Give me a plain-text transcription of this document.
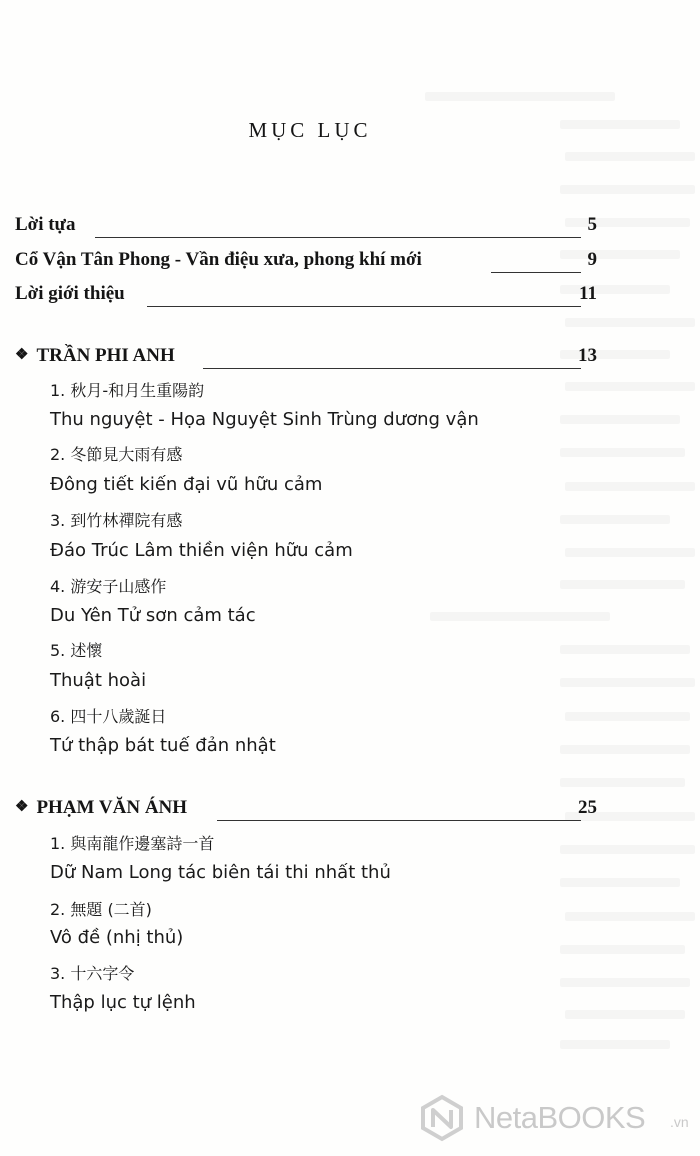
MỤC LỤC
Lời tựa	5
Cổ Vận Tân Phong - Vần điệu xưa, phong khí mới	9
Lời giới thiệu	11
❖ TRẦN PHI ANH	13
1. 秋月-和月生重陽韵
Thu nguyệt - Họa Nguyệt Sinh Trùng dương vận
2. 冬節見大雨有感
Đông tiết kiến đại vũ hữu cảm
3. 到竹林禪院有感
Đáo Trúc Lâm thiền viện hữu cảm
4. 游安子山感作
Du Yên Tử sơn cảm tác
5. 述懷
Thuật hoài
6. 四十八歲誕日
Tứ thập bát tuế đản nhật
❖ PHẠM VĂN ÁNH	25
1. 與南龍作邊塞詩一首
Dữ Nam Long tác biên tái thi nhất thủ
2. 無題 (二首)
Vô đề (nhị thủ)
3. 十六字令
Thập lục tự lệnh
NetaBOOKS .vn
